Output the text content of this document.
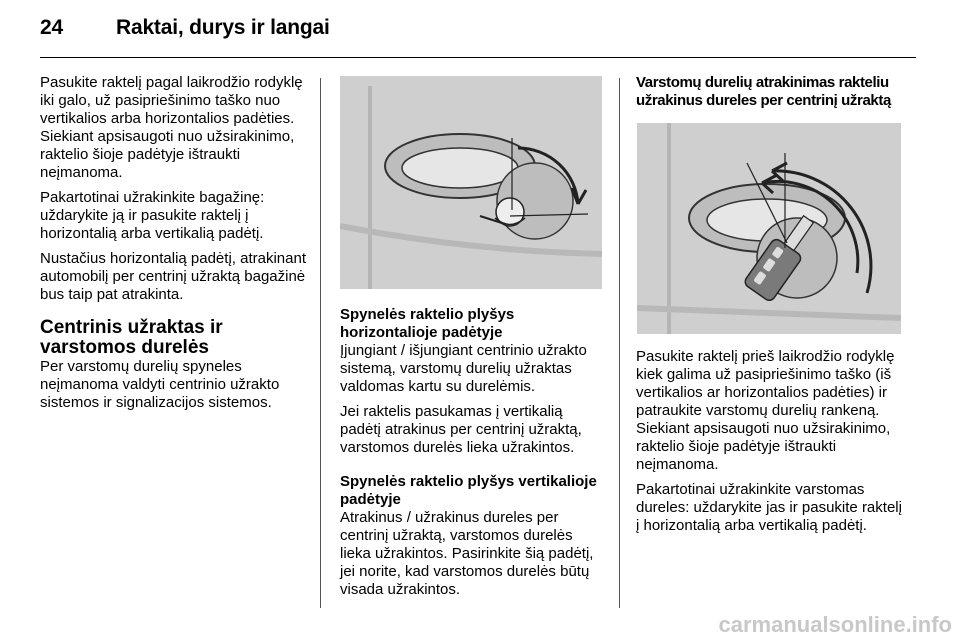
24	Raktai, durys ir langai

Pasukite raktelį pagal laikrodžio rodyklę iki galo, už pasipriešinimo taško nuo vertikalios arba horizontalios padėties. Siekiant apsisaugoti nuo užsirakinimo, raktelio šioje padėtyje ištraukti neįmanoma.

Pakartotinai užrakinkite bagažinę: uždarykite ją ir pasukite raktelį į horizontalią arba vertikalią padėtį.

Nustačius horizontalią padėtį, atrakinant automobilį per centrinį užraktą bagažinė bus taip pat atrakinta.

Centrinis užraktas ir varstomos durelės

Per varstomų durelių spyneles neįmanoma valdyti centrinio užrakto sistemos ir signalizacijos sistemos.

Spynelės raktelio plyšys horizontalioje padėtyje

Įjungiant / išjungiant centrinio užrakto sistemą, varstomų durelių užraktas valdomas kartu su durelėmis.

Jei raktelis pasukamas į vertikalią padėtį atrakinus per centrinį užraktą, varstomos durelės lieka užrakintos.

Spynelės raktelio plyšys vertikalioje padėtyje

Atrakinus / užrakinus dureles per centrinį užraktą, varstomos durelės lieka užrakintos. Pasirinkite šią padėtį, jei norite, kad varstomos durelės būtų visada užrakintos.

Varstomų durelių atrakinimas rakteliu užrakinus dureles per centrinį užraktą

Pasukite raktelį prieš laikrodžio rodyklę kiek galima už pasipriešinimo taško (iš vertikalios ar horizontalios padėties) ir patraukite varstomų durelių rankeną. Siekiant apsisaugoti nuo užsirakinimo, raktelio šioje padėtyje ištraukti neįmanoma.

Pakartotinai užrakinkite varstomas dureles: uždarykite jas ir pasukite raktelį į horizontalią arba vertikalią padėtį.

carmanualsonline.info
